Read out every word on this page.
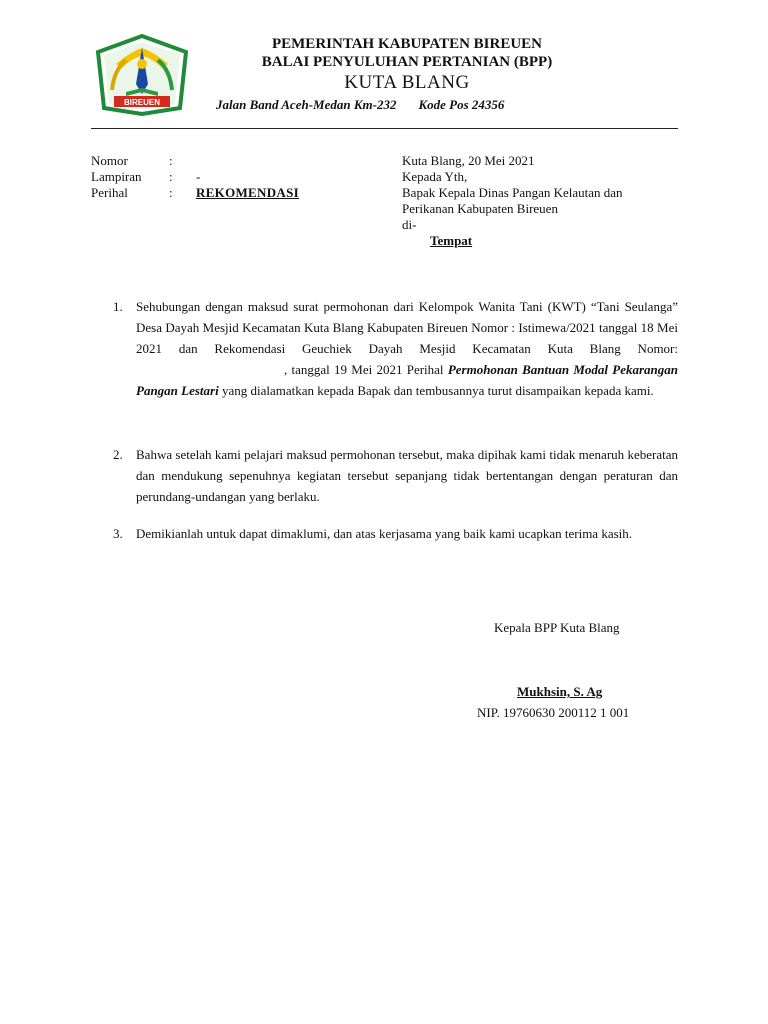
BIREUEN
PEMERINTAH KABUPATEN BIREUEN
BALAI PENYULUHAN PERTANIAN (BPP)
KUTA BLANG
Jalan Band Aceh-Medan Km-232 Kode Pos 24356
Nomor	:
Lampiran : -
Perihal	: REKOMENDASI
Kuta Blang, 20 Mei 2021
Kepada Yth,
Bapak Kepala Dinas Pangan Kelautan dan
Perikanan Kabupaten Bireuen
di-
Tempat
1. Sehubungan dengan maksud surat permohonan dari Kelompok Wanita Tani (KWT) “Tani Seulanga” Desa Dayah Mesjid Kecamatan Kuta Blang Kabupaten Bireuen Nomor : Istimewa/2021 tanggal 18 Mei 2021 dan Rekomendasi Geuchiek Dayah Mesjid Kecamatan Kuta Blang Nomor:, tanggal 19 Mei 2021 Perihal Permohonan Bantuan Modal Pekarangan Pangan Lestari yang dialamatkan kepada Bapak dan tembusannya turut disampaikan kepada kami.
2. Bahwa setelah kami pelajari maksud permohonan tersebut, maka dipihak kami tidak menaruh keberatan dan mendukung sepenuhnya kegiatan tersebut sepanjang tidak bertentangan dengan peraturan dan perundang-undangan yang berlaku.
3. Demikianlah untuk dapat dimaklumi, dan atas kerjasama yang baik kami ucapkan terima kasih.
Kepala BPP Kuta Blang
Mukhsin, S. Ag
NIP. 19760630 200112 1 001
